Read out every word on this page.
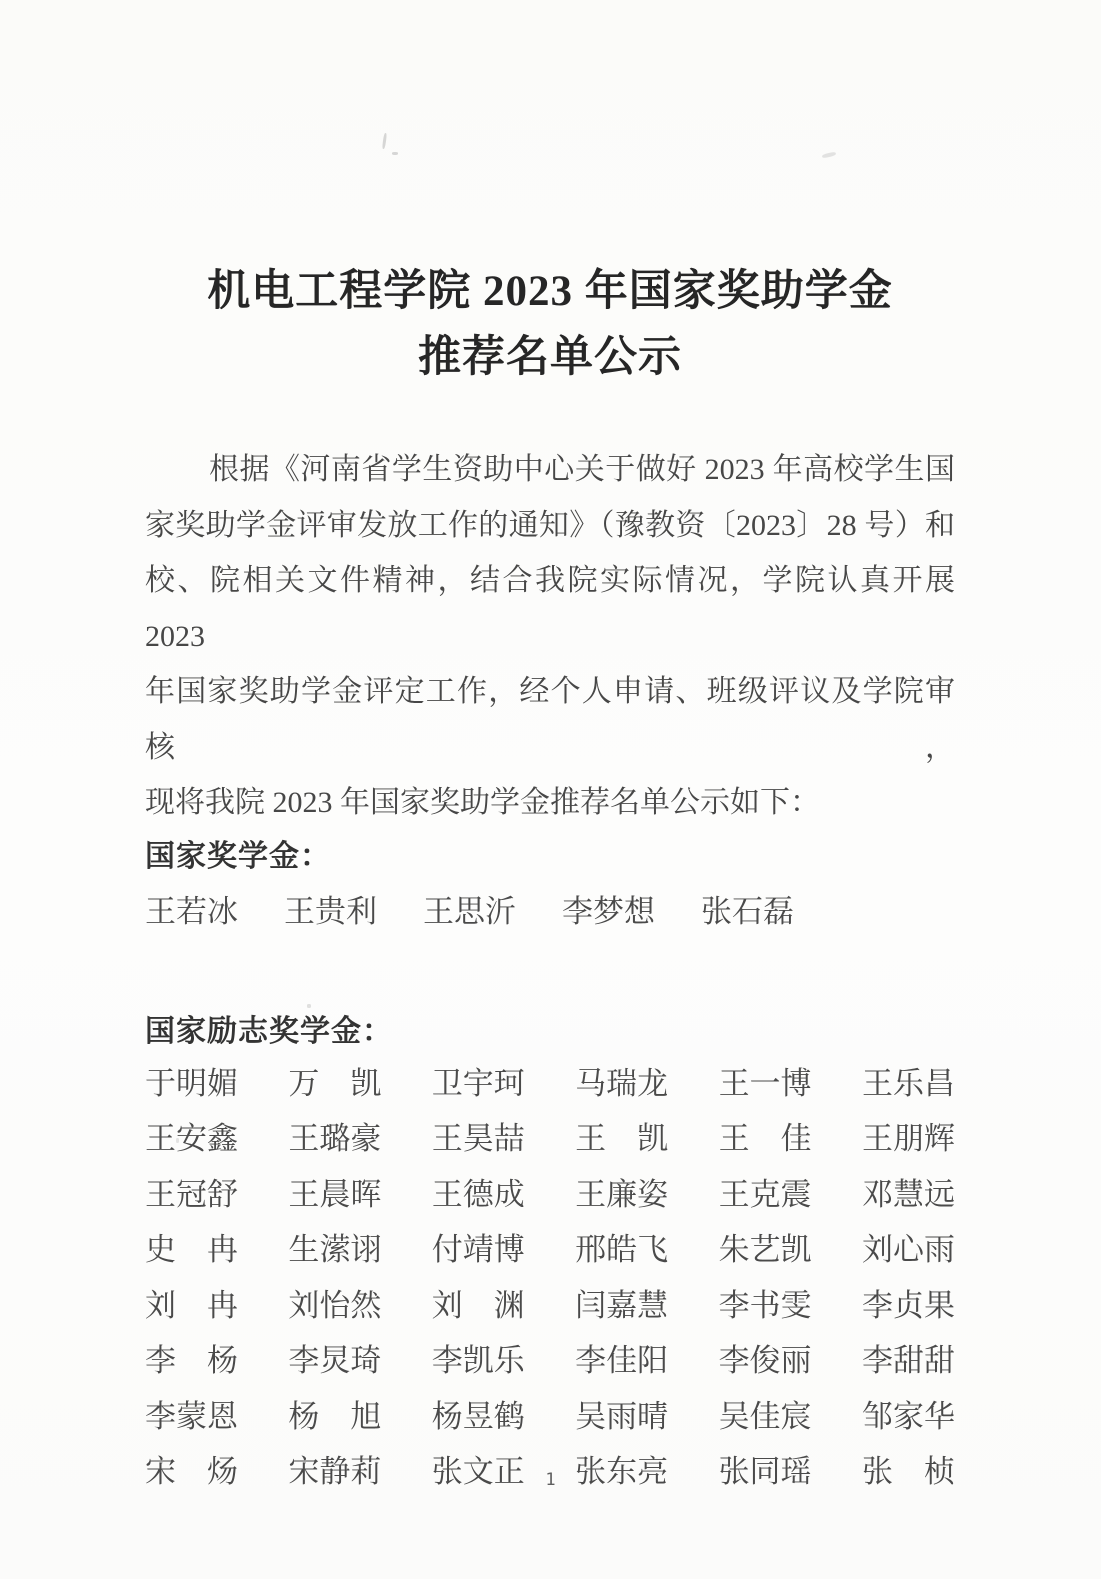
机电工程学院 2023 年国家奖助学金
推荐名单公示
根据《河南省学生资助中心关于做好 2023 年高校学生国
家奖助学金评审发放工作的通知》（豫教资〔2023〕28 号）和
校、院相关文件精神，结合我院实际情况，学院认真开展 2023
年国家奖助学金评定工作，经个人申请、班级评议及学院审核，
现将我院 2023 年国家奖助学金推荐名单公示如下：
国家奖学金：
王若冰 王贵利 王思沂 李梦想 张石磊
国家励志奖学金：
于明媚 万　凯 卫宇珂 马瑞龙 王一博 王乐昌
王安鑫 王璐豪 王昊喆 王　凯 王　佳 王朋辉
王冠舒 王晨晖 王德成 王廉姿 王克震 邓慧远
史　冉 生潆诩 付靖博 邢皓飞 朱艺凯 刘心雨
刘　冉 刘怡然 刘　渊 闫嘉慧 李书雯 李贞果
李　杨 李炅琦 李凯乐 李佳阳 李俊丽 李甜甜
李蒙恩 杨　旭 杨昱鹤 吴雨晴 吴佳宸 邹家华
宋　炀 宋静莉 张文正 张东亮 张同瑶 张　桢
1
